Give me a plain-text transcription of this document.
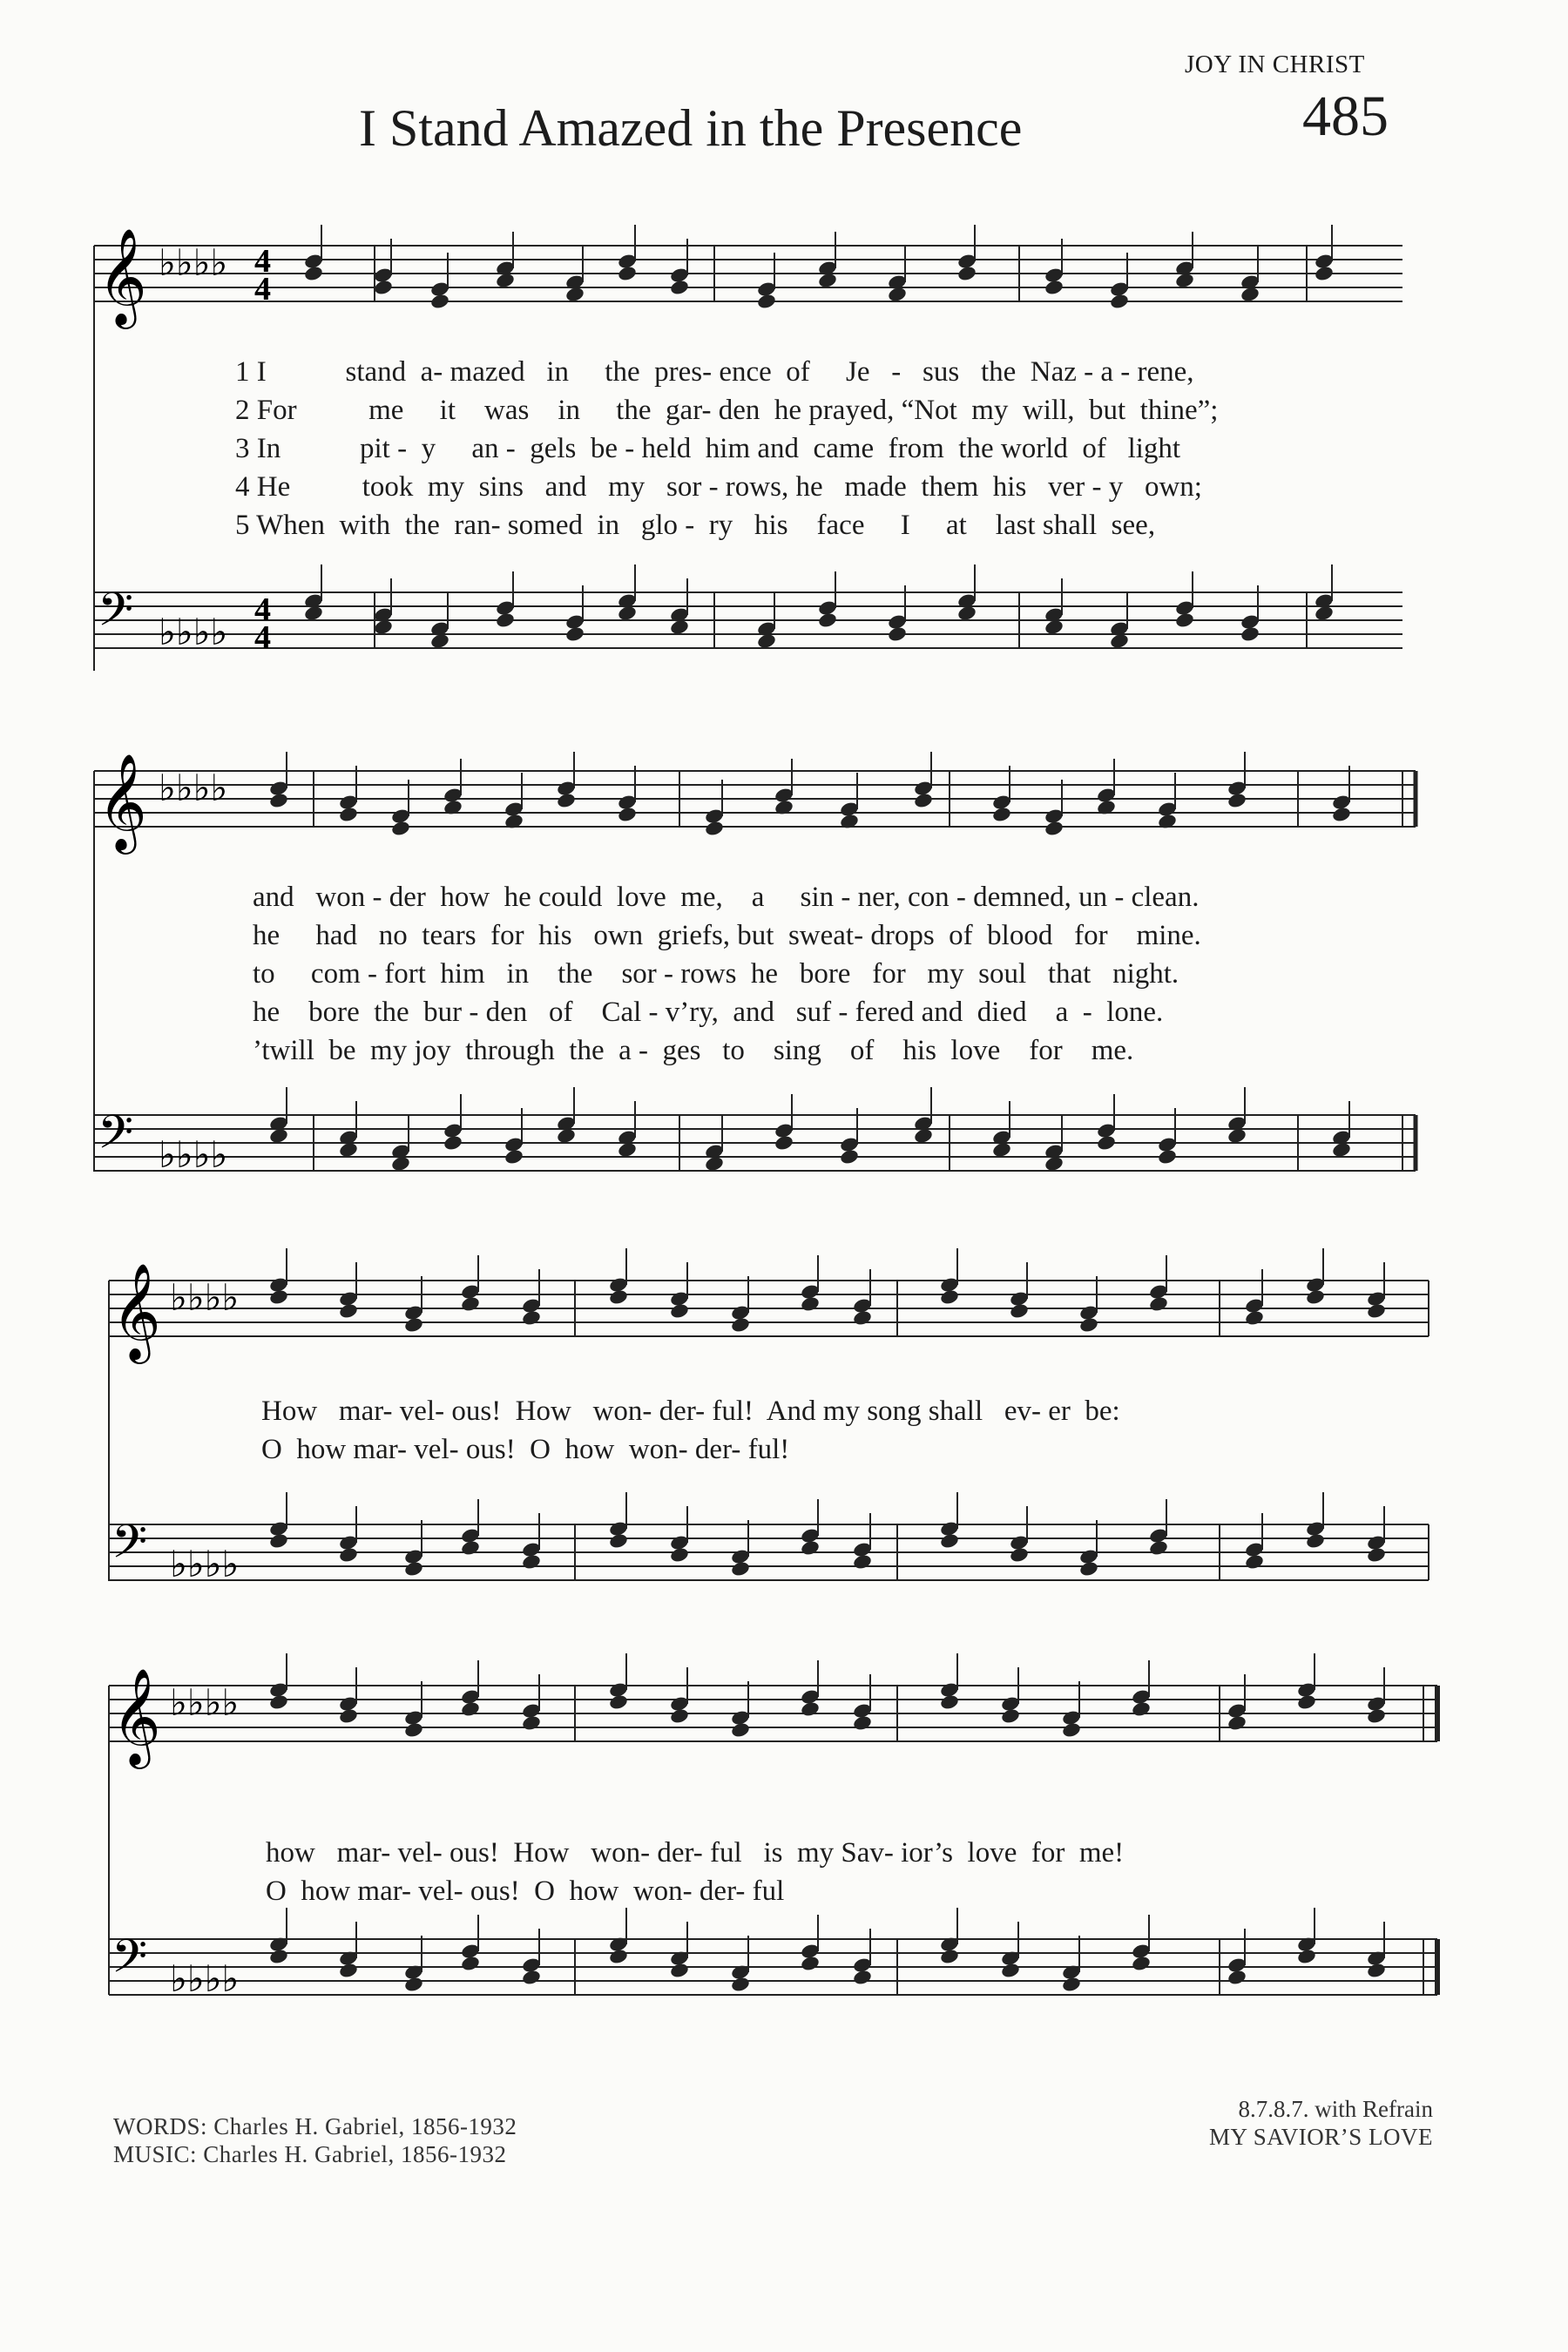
JOY IN CHRIST
485
I Stand Amazed in the Presence
𝄞 ♭♭♭♭ 4
4
1 I           stand  a- mazed   in     the  pres- ence  of     Je   -   sus   the  Naz - a - rene,
2 For          me     it    was    in     the  gar- den  he prayed, “Not  my  will,  but  thine”;
3 In           pit -  y     an -  gels  be - held  him and  came  from  the world  of   light
4 He          took  my  sins   and   my   sor - rows, he   made  them  his   ver - y   own;
5 When  with  the  ran- somed  in   glo -  ry   his    face     I     at    last shall  see,
𝄢 ♭♭♭♭
4
4
𝄞 ♭♭♭♭
and   won - der  how  he could  love  me,    a     sin - ner, con - demned, un - clean.
he     had   no  tears  for  his   own  griefs, but  sweat- drops  of  blood   for    mine.
to     com - fort  him   in    the    sor - rows  he   bore   for   my  soul   that   night.
he    bore  the  bur - den   of    Cal - v’ry,  and   suf - fered and  died    a  -  lone.
’twill  be  my joy  through  the  a -  ges   to    sing    of    his  love    for    me.
𝄢 ♭♭♭♭
𝄞 ♭♭♭♭
How   mar- vel- ous!  How   won- der- ful!  And my song shall   ev- er  be:
O  how mar- vel- ous!  O  how  won- der- ful!
𝄢 ♭♭♭♭
𝄞 ♭♭♭♭
how   mar- vel- ous!  How   won- der- ful   is  my Sav- ior’s  love  for  me!
O  how mar- vel- ous!  O  how  won- der- ful
𝄢 ♭♭♭♭
WORDS: Charles H. Gabriel, 1856-1932
MUSIC: Charles H. Gabriel, 1856-1932
8.7.8.7. with Refrain
MY SAVIOR’S LOVE
